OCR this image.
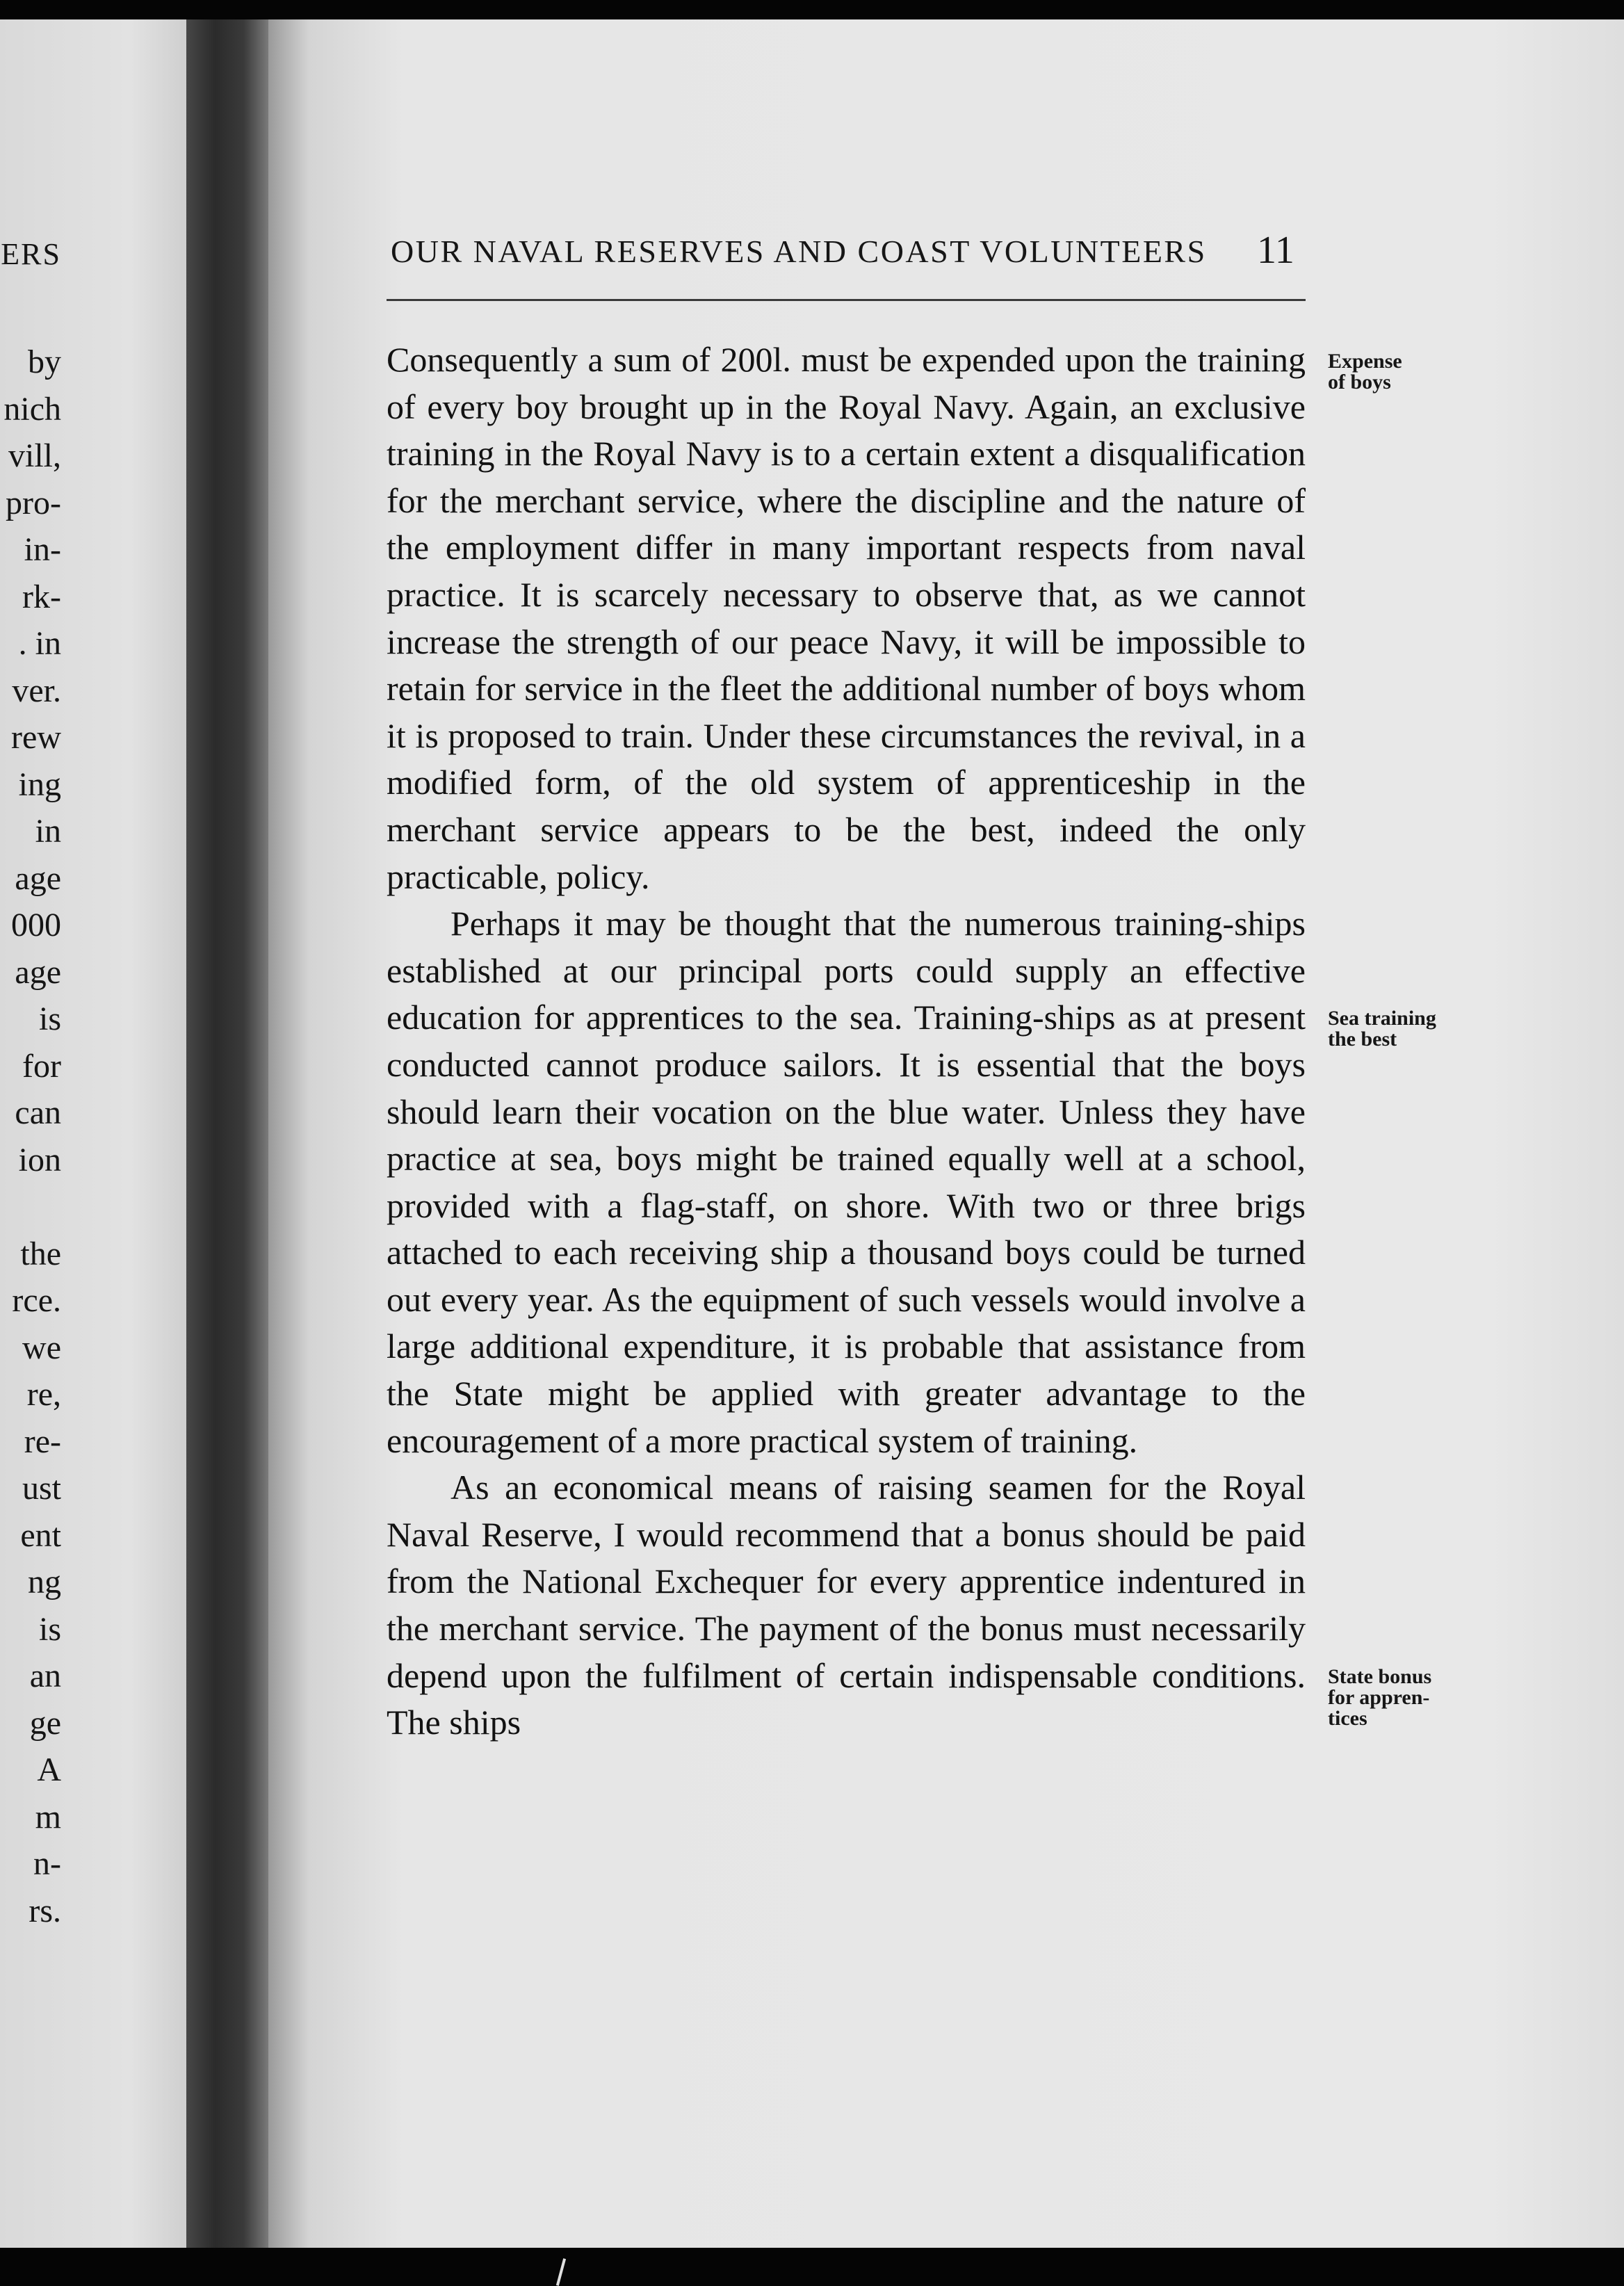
ERS
by
nich
vill,
pro-
in-
rk-
. in
ver.
rew
ing
in
age
000
age
is
for
can
ion
the
rce.
we
re,
re-
ust
ent
ng
is
an
ge
A
m
n-
rs.
OUR NAVAL RESERVES AND COAST VOLUNTEERS	11

Consequently a sum of 200l. must be expended upon the training of every boy brought up in the Royal Navy. Again, an exclusive training in the Royal Navy is to a certain extent a disqualification for the merchant service, where the discipline and the nature of the employment differ in many important respects from naval practice. It is scarcely necessary to observe that, as we cannot increase the strength of our peace Navy, it will be impossible to retain for service in the fleet the additional number of boys whom it is proposed to train. Under these circumstances the revival, in a modified form, of the old system of apprenticeship in the merchant service appears to be the best, indeed the only practicable, policy.

Perhaps it may be thought that the numerous training-ships established at our principal ports could supply an effective education for apprentices to the sea. Training-ships as at present conducted cannot produce sailors. It is essential that the boys should learn their vocation on the blue water. Unless they have practice at sea, boys might be trained equally well at a school, provided with a flag-staff, on shore. With two or three brigs attached to each receiving ship a thousand boys could be turned out every year. As the equipment of such vessels would involve a large additional expenditure, it is probable that assistance from the State might be applied with greater advantage to the encouragement of a more practical system of training.

As an economical means of raising seamen for the Royal Naval Reserve, I would recommend that a bonus should be paid from the National Exchequer for every apprentice indentured in the merchant service. The payment of the bonus must necessarily depend upon the fulfilment of certain indispensable conditions. The ships

Expense
of boys
Sea training
the best
State bonus
for appren-
tices
